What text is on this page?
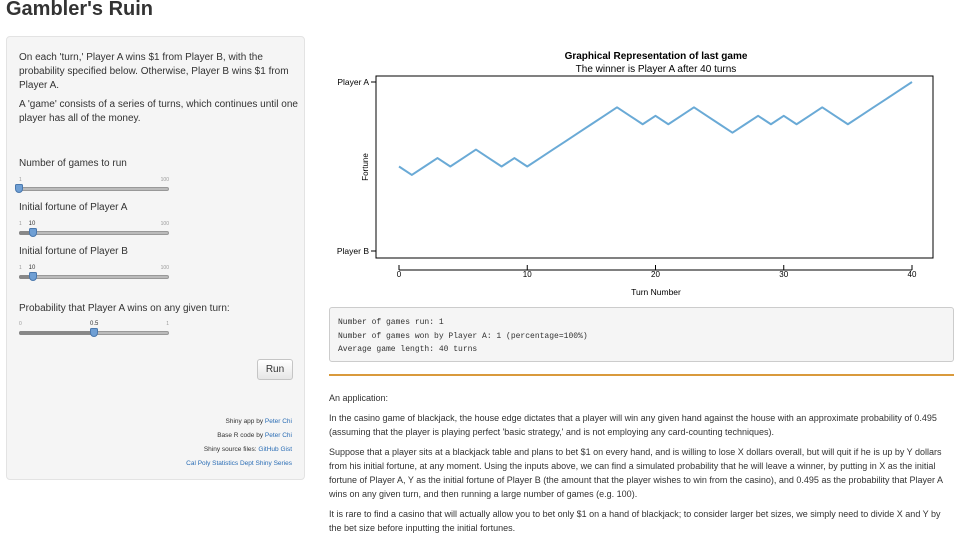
Gambler's Ruin

On each 'turn,' Player A wins $1 from Player B, with the probability specified below. Otherwise, Player B wins $1 from Player A.

A 'game' consists of a series of turns, which continues until one player has all of the money.

Number of games to run
1	100
Initial fortune of Player A
1	100
10
Initial fortune of Player B
1	100
10
Probability that Player A wins on any given turn:
0	1
0.5
Run
Shiny app by Peter Chi
Base R code by Peter Chi
Shiny source files: GitHub Gist
Cal Poly Statistics Dept Shiny Series
Graphical Representation of last game
The winner is Player A after 40 turns
Turn Number
Fortune
0	10	20	30	40
Player A
Player B
Number of games run: 1
Number of games won by Player A: 1 (percentage=100%)
Average game length: 40 turns

An application:

In the casino game of blackjack, the house edge dictates that a player will win any given hand against the house with an approximate probability of 0.495 (assuming that the player is playing perfect 'basic strategy,' and is not employing any card-counting techniques).

Suppose that a player sits at a blackjack table and plans to bet $1 on every hand, and is willing to lose X dollars overall, but will quit if he is up by Y dollars from his initial fortune, at any moment. Using the inputs above, we can find a simulated probability that he will leave a winner, by putting in X as the initial fortune of Player A, Y as the initial fortune of Player B (the amount that the player wishes to win from the casino), and 0.495 as the probability that Player A wins on any given turn, and then running a large number of games (e.g. 100).

It is rare to find a casino that will actually allow you to bet only $1 on a hand of blackjack; to consider larger bet sizes, we simply need to divide X and Y by the bet size before inputting the initial fortunes.
